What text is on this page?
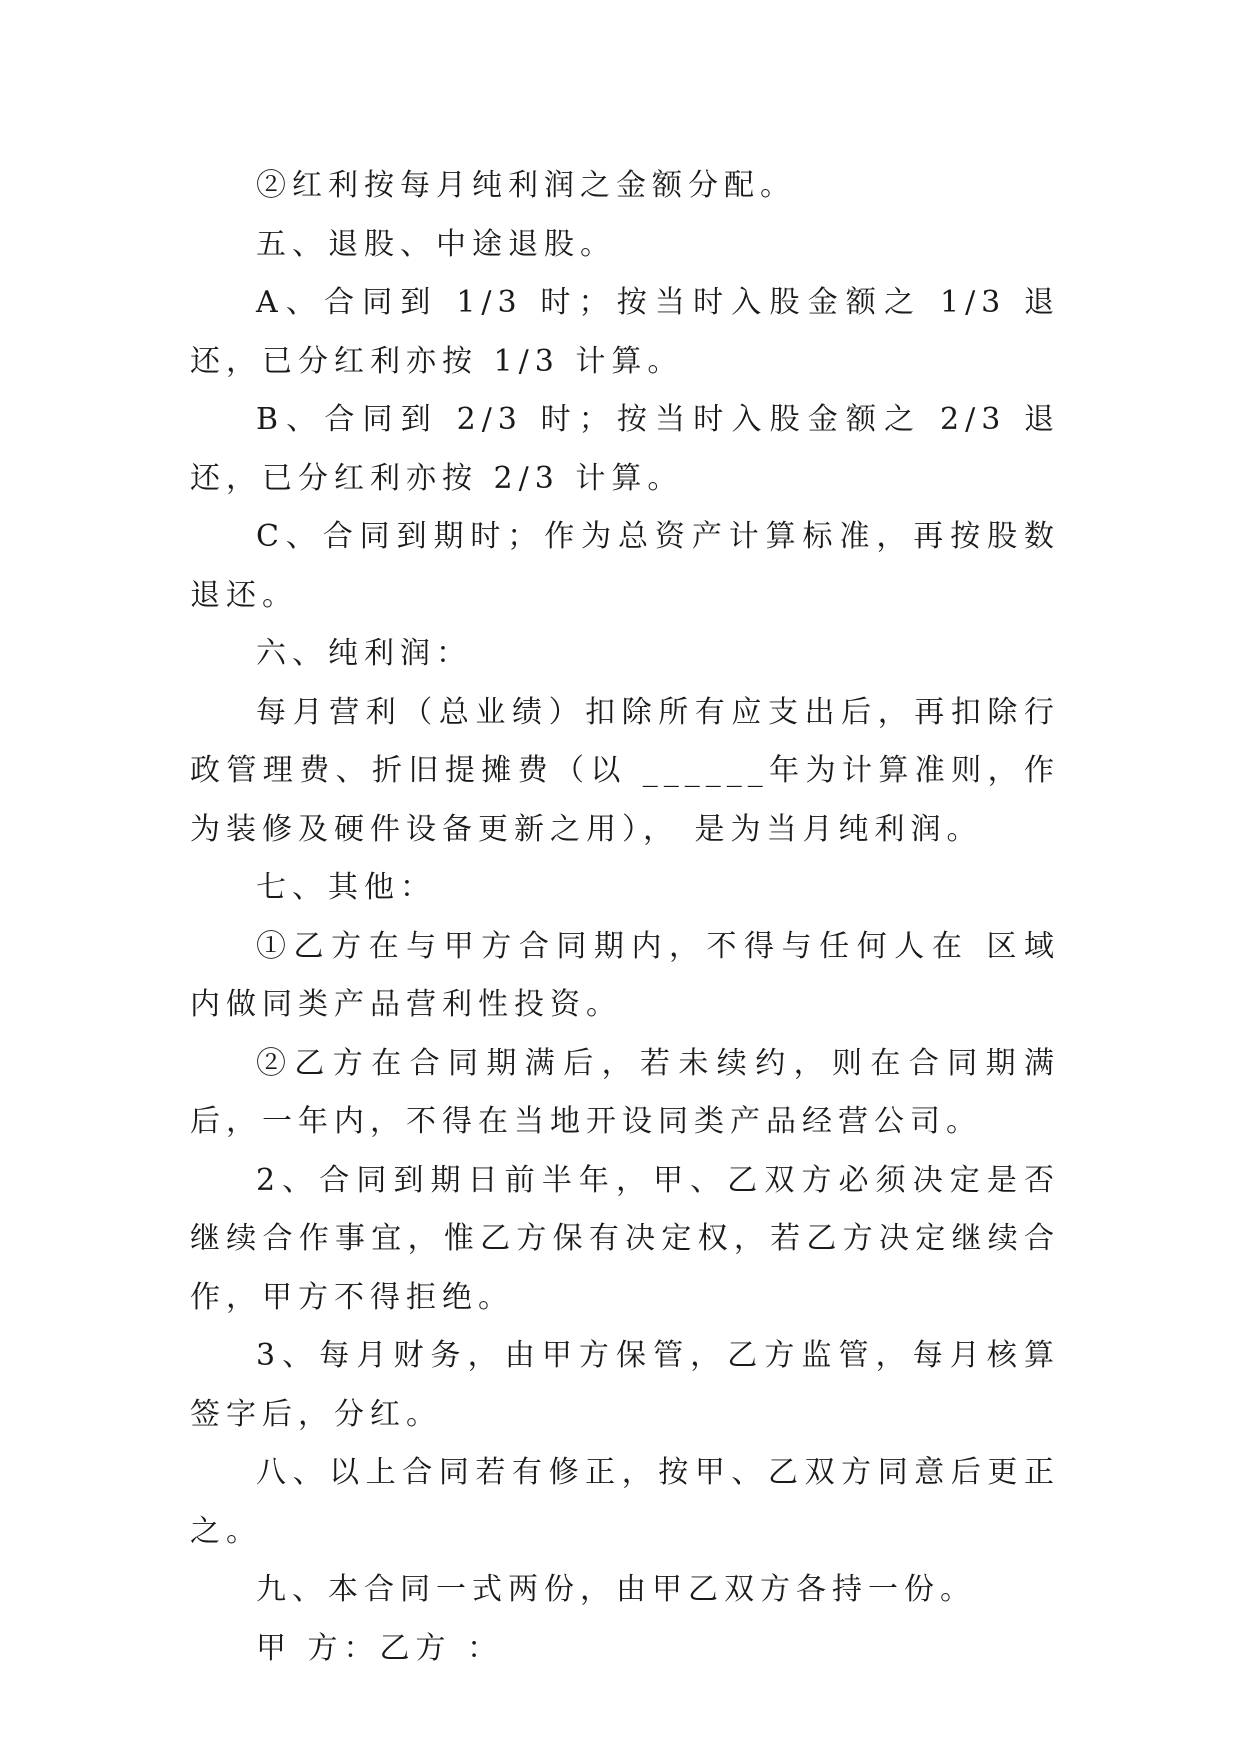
②红利按每月纯利润之金额分配。

五、退股、中途退股。

A、合同到 1/3 时；按当时入股金额之 1/3 退还，已分红利亦按 1/3 计算。

B、合同到 2/3 时；按当时入股金额之 2/3 退还，已分红利亦按 2/3 计算。

C、合同到期时；作为总资产计算标准，再按股数退还。

六、纯利润：

每月营利（总业绩）扣除所有应支出后，再扣除行政管理费、折旧提摊费（以 ______年为计算准则，作为装修及硬件设备更新之用）， 是为当月纯利润。

七、其他：

①乙方在与甲方合同期内，不得与任何人在 区域内做同类产品营利性投资。

②乙方在合同期满后，若未续约，则在合同期满后，一年内，不得在当地开设同类产品经营公司。

2、合同到期日前半年，甲、乙双方必须决定是否继续合作事宜，惟乙方保有决定权，若乙方决定继续合作，甲方不得拒绝。

3、每月财务，由甲方保管，乙方监管，每月核算签字后，分红。

八、以上合同若有修正，按甲、乙双方同意后更正之。

九、本合同一式两份，由甲乙双方各持一份。

甲 方：乙方 ：
